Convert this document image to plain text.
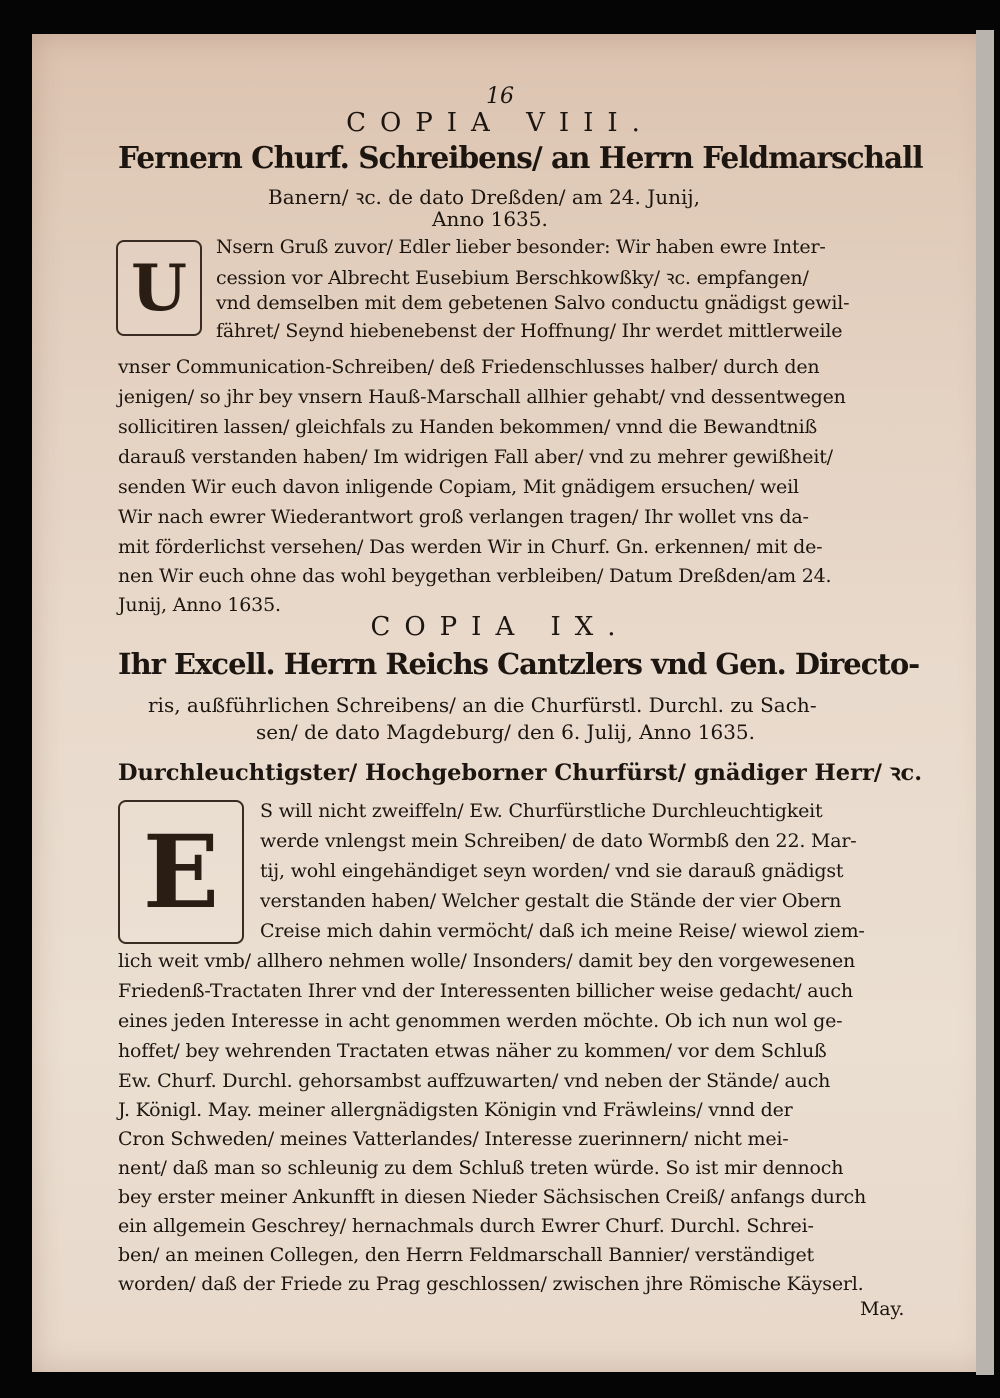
16
COPIA VIII.
Fernern Churf. Schreibens/ an Herrn Feldmarschall
Banern/ ꝛc. de dato Dreßden/ am 24. Junij,
Anno 1635.
U
Nsern Gruß zuvor/ Edler lieber besonder: Wir haben ewre Inter-
cession vor Albrecht Eusebium Berschkowßky/ ꝛc. empfangen/
vnd demselben mit dem gebetenen Salvo conductu gnädigst gewil-
fähret/ Seynd hiebenebenst der Hoffnung/ Ihr werdet mittlerweile
vnser Communication-Schreiben/ deß Friedenschlusses halber/ durch den
jenigen/ so jhr bey vnsern Hauß-Marschall allhier gehabt/ vnd dessentwegen
sollicitiren lassen/ gleichfals zu Handen bekommen/ vnnd die Bewandtniß
darauß verstanden haben/ Im widrigen Fall aber/ vnd zu mehrer gewißheit/
senden Wir euch davon inligende Copiam, Mit gnädigem ersuchen/ weil
Wir nach ewrer Wiederantwort groß verlangen tragen/ Ihr wollet vns da-
mit förderlichst versehen/ Das werden Wir in Churf. Gn. erkennen/ mit de-
nen Wir euch ohne das wohl beygethan verbleiben/ Datum Dreßden/am 24.
Junij, Anno 1635.
COPIA IX.
Ihr Excell. Herrn Reichs Cantzlers vnd Gen. Directo-
ris, außführlichen Schreibens/ an die Churfürstl. Durchl. zu Sach-
sen/ de dato Magdeburg/ den 6. Julij, Anno 1635.
Durchleuchtigster/ Hochgeborner Churfürst/ gnädiger Herr/ ꝛc.
E
S will nicht zweiffeln/ Ew. Churfürstliche Durchleuchtigkeit
werde vnlengst mein Schreiben/ de dato Wormbß den 22. Mar-
tij, wohl eingehändiget seyn worden/ vnd sie darauß gnädigst
verstanden haben/ Welcher gestalt die Stände der vier Obern
Creise mich dahin vermöcht/ daß ich meine Reise/ wiewol ziem-
lich weit vmb/ allhero nehmen wolle/ Insonders/ damit bey den vorgewesenen
Friedenß-Tractaten Ihrer vnd der Interessenten billicher weise gedacht/ auch
eines jeden Interesse in acht genommen werden möchte. Ob ich nun wol ge-
hoffet/ bey wehrenden Tractaten etwas näher zu kommen/ vor dem Schluß
Ew. Churf. Durchl. gehorsambst auffzuwarten/ vnd neben der Stände/ auch
J. Königl. May. meiner allergnädigsten Königin vnd Fräwleins/ vnnd der
Cron Schweden/ meines Vatterlandes/ Interesse zuerinnern/ nicht mei-
nent/ daß man so schleunig zu dem Schluß treten würde. So ist mir dennoch
bey erster meiner Ankunfft in diesen Nieder Sächsischen Creiß/ anfangs durch
ein allgemein Geschrey/ hernachmals durch Ewrer Churf. Durchl. Schrei-
ben/ an meinen Collegen, den Herrn Feldmarschall Bannier/ verständiget
worden/ daß der Friede zu Prag geschlossen/ zwischen jhre Römische Käyserl.
May.
